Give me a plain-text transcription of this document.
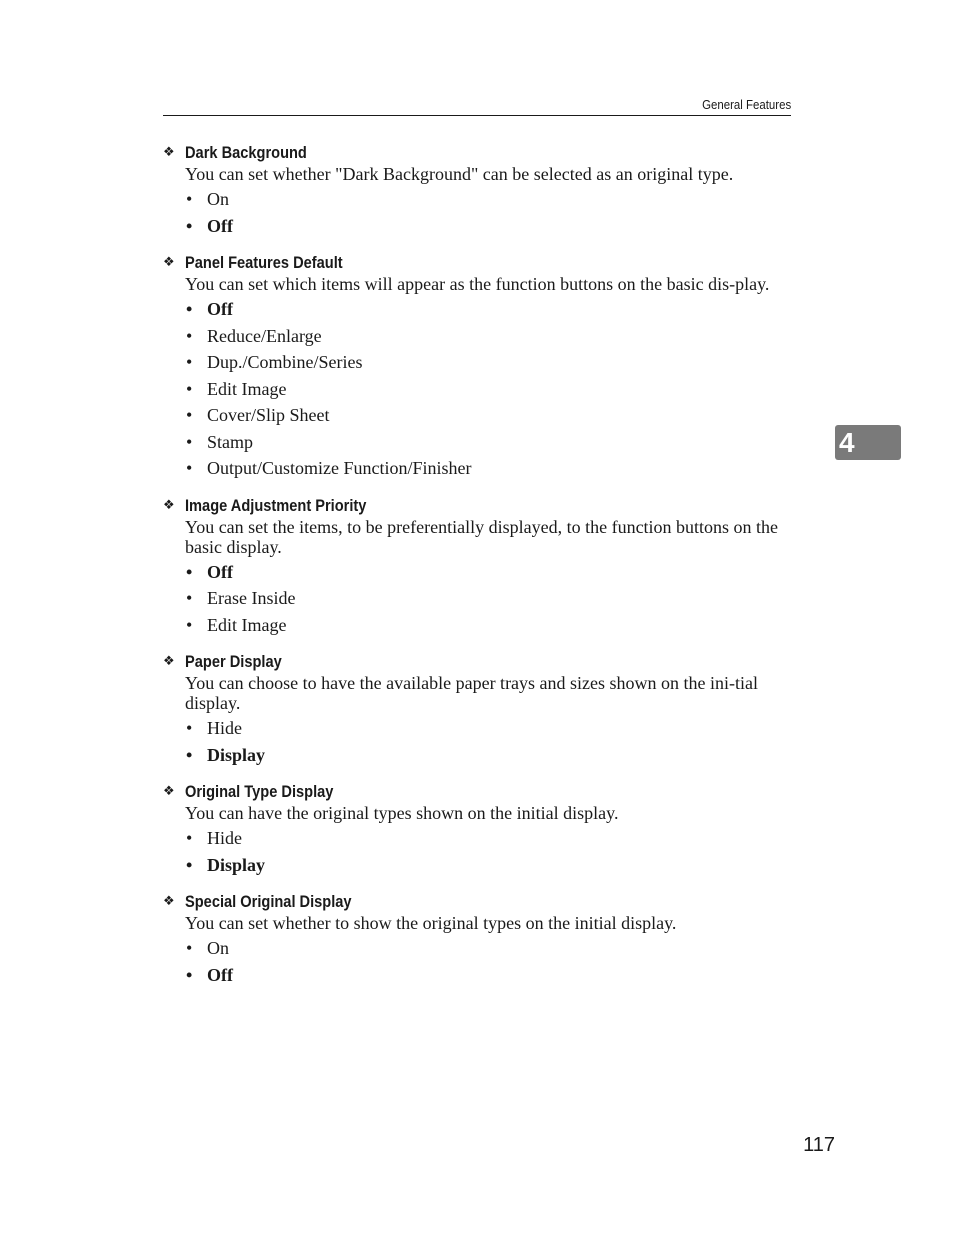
General Features
❖ Dark Background

You can set whether "Dark Background" can be selected as an original type.

• On
• Off
❖ Panel Features Default

You can set which items will appear as the function buttons on the basic dis-play.

• Off
• Reduce/Enlarge
• Dup./Combine/Series
• Edit Image
• Cover/Slip Sheet
• Stamp
• Output/Customize Function/Finisher
❖ Image Adjustment Priority

You can set the items, to be preferentially displayed, to the function buttons on the basic display.

• Off
• Erase Inside
• Edit Image
❖ Paper Display

You can choose to have the available paper trays and sizes shown on the ini-tial display.

• Hide
• Display
❖ Original Type Display

You can have the original types shown on the initial display.

• Hide
• Display
❖ Special Original Display

You can set whether to show the original types on the initial display.

• On
• Off
4
117
